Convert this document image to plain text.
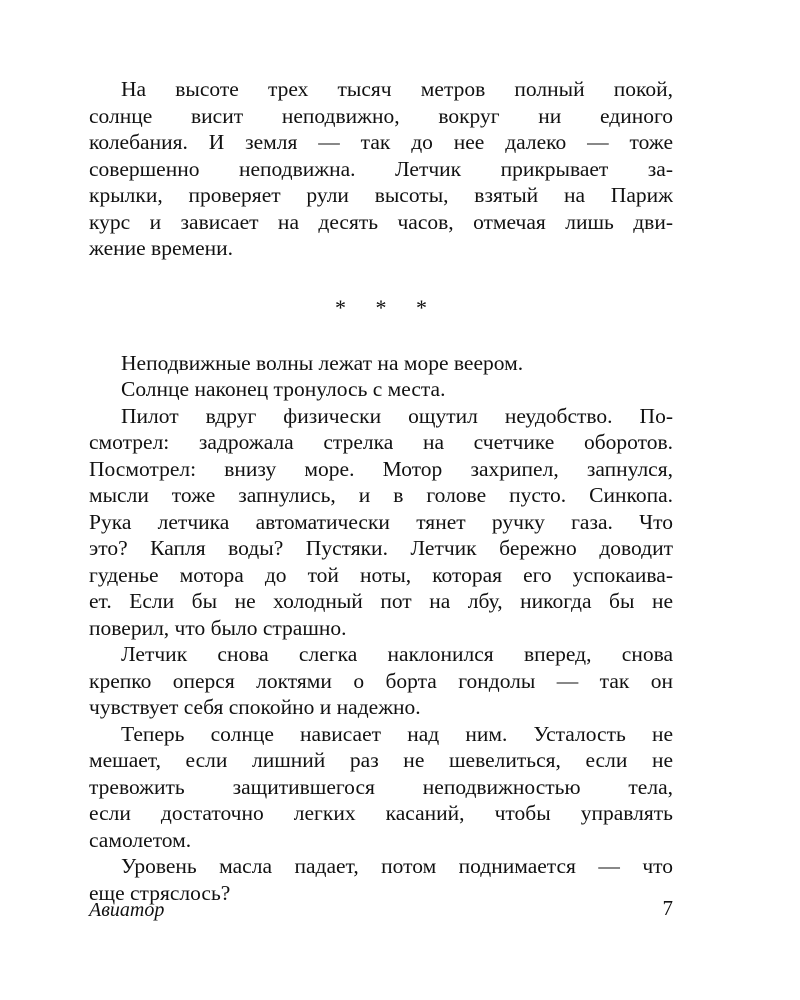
На высоте трех тысяч метров полный покой,
солнце висит неподвижно, вокруг ни единого
колебания. И земля — так до нее далеко — тоже
совершенно неподвижна. Летчик прикрывает за-
крылки, проверяет рули высоты, взятый на Париж
курс и зависает на десять часов, отмечая лишь дви-
жение времени.
* * *
Неподвижные волны лежат на море веером.
Солнце наконец тронулось с места.
Пилот вдруг физически ощутил неудобство. По-
смотрел: задрожала стрелка на счетчике оборотов.
Посмотрел: внизу море. Мотор захрипел, запнулся,
мысли тоже запнулись, и в голове пусто. Синкопа.
Рука летчика автоматически тянет ручку газа. Что
это? Капля воды? Пустяки. Летчик бережно доводит
гуденье мотора до той ноты, которая его успокаива-
ет. Если бы не холодный пот на лбу, никогда бы не
поверил, что было страшно.
Летчик снова слегка наклонился вперед, снова
крепко оперся локтями о борта гондолы — так он
чувствует себя спокойно и надежно.
Теперь солнце нависает над ним. Усталость не
мешает, если лишний раз не шевелиться, если не
тревожить защитившегося неподвижностью тела,
если достаточно легких касаний, чтобы управлять
самолетом.
Уровень масла падает, потом поднимается — что
еще стряслось?
Авиатор	7
